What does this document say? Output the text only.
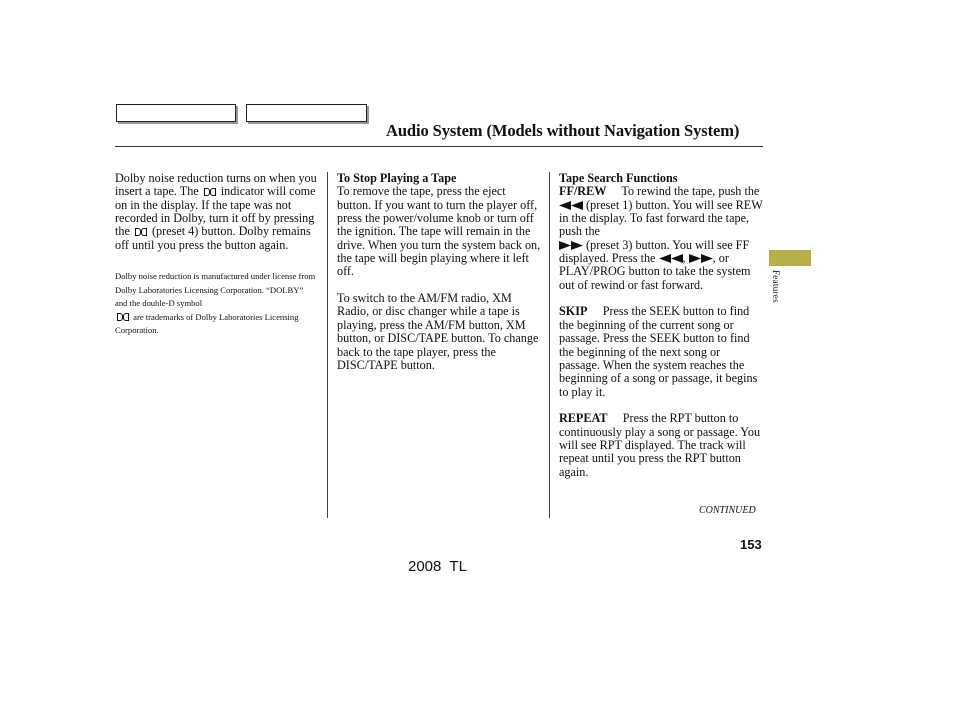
Audio System (Models without Navigation System)

Dolby noise reduction turns on when you insert a tape. The indicator will come on in the display. If the tape was not recorded in Dolby, turn it off by pressing the (preset 4) button. Dolby remains off until you press the button again.

Dolby noise reduction is manufactured under license from Dolby Laboratories Licensing Corporation. “DOLBY” and the double-D symbol
are trademarks of Dolby Laboratories Licensing Corporation.

To Stop Playing a Tape
To remove the tape, press the eject button. If you want to turn the player off, press the power/volume knob or turn off the ignition. The tape will remain in the drive. When you turn the system back on, the tape will begin playing where it left off.

To switch to the AM/FM radio, XM Radio, or disc changer while a tape is playing, press the AM/FM button, XM button, or DISC/TAPE button. To change back to the tape player, press the DISC/TAPE button.

Tape Search Functions
FF/REW To rewind the tape, push the  (preset 1) button. You will see REW in the display. To fast forward the tape, push the
(preset 3) button. You will see FF displayed. Press the , , or PLAY/PROG button to take the system out of rewind or fast forward.

SKIP Press the SEEK button to find the beginning of the current song or passage. Press the SEEK button to find the beginning of the next song or passage. When the system reaches the beginning of a song or passage, it begins to play it.

REPEAT Press the RPT button to continuously play a song or passage. You will see RPT displayed. The track will repeat until you press the RPT button again.

Features
CONTINUED
153
2008  TL
